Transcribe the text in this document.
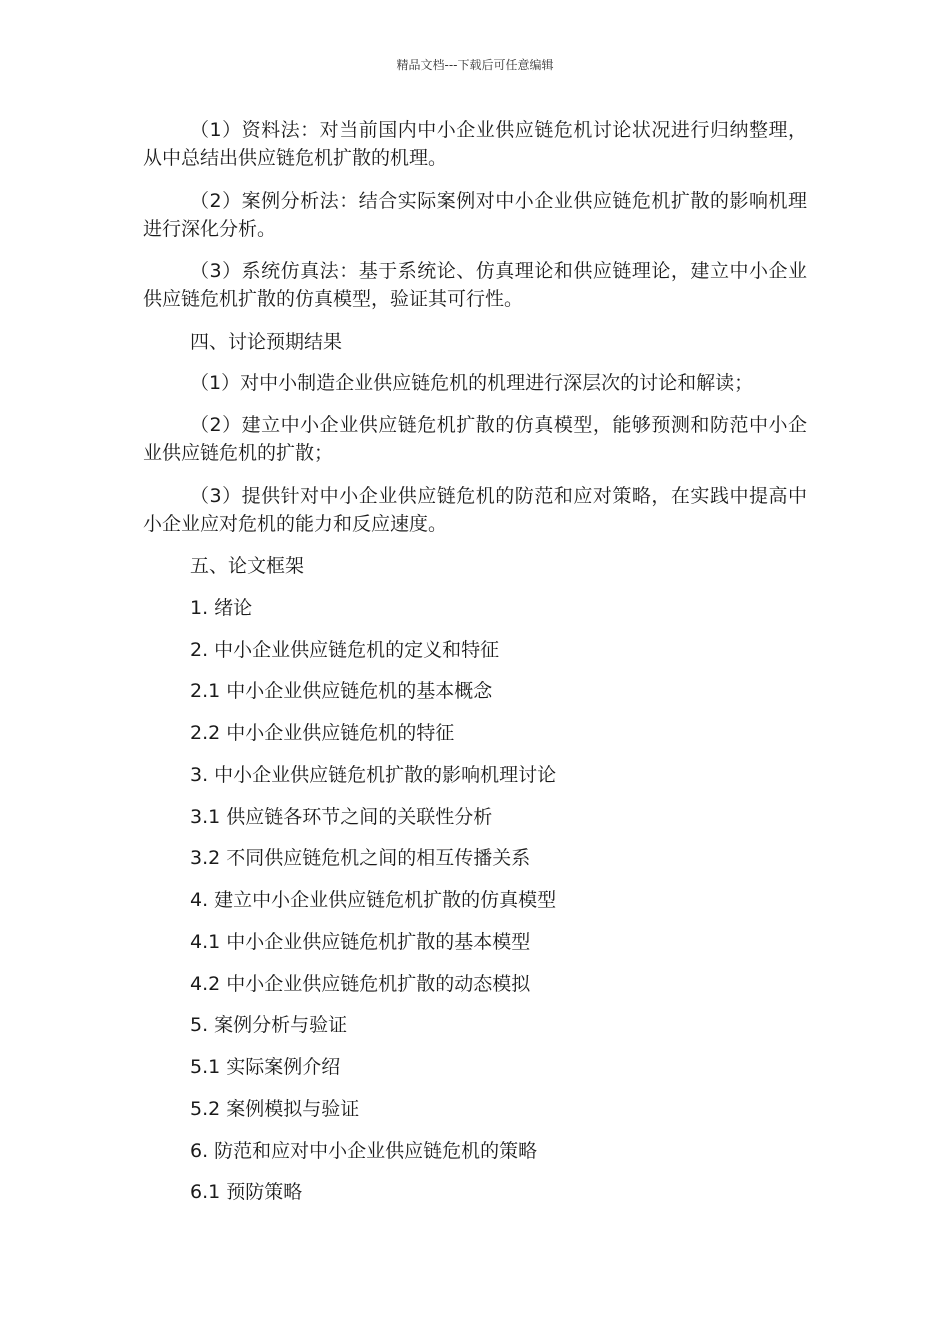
精品文档---下载后可任意编辑

（1）资料法：对当前国内中小企业供应链危机讨论状况进行归纳整理，从中总结出供应链危机扩散的机理。

（2）案例分析法：结合实际案例对中小企业供应链危机扩散的影响机理进行深化分析。

（3）系统仿真法：基于系统论、仿真理论和供应链理论，建立中小企业供应链危机扩散的仿真模型，验证其可行性。

四、讨论预期结果
（1）对中小制造企业供应链危机的机理进行深层次的讨论和解读；

（2）建立中小企业供应链危机扩散的仿真模型，能够预测和防范中小企业供应链危机的扩散；

（3）提供针对中小企业供应链危机的防范和应对策略，在实践中提高中小企业应对危机的能力和反应速度。

五、论文框架
1. 绪论
2. 中小企业供应链危机的定义和特征
2.1 中小企业供应链危机的基本概念
2.2 中小企业供应链危机的特征
3. 中小企业供应链危机扩散的影响机理讨论
3.1 供应链各环节之间的关联性分析
3.2 不同供应链危机之间的相互传播关系
4. 建立中小企业供应链危机扩散的仿真模型
4.1 中小企业供应链危机扩散的基本模型
4.2 中小企业供应链危机扩散的动态模拟
5. 案例分析与验证
5.1 实际案例介绍
5.2 案例模拟与验证
6. 防范和应对中小企业供应链危机的策略
6.1 预防策略
